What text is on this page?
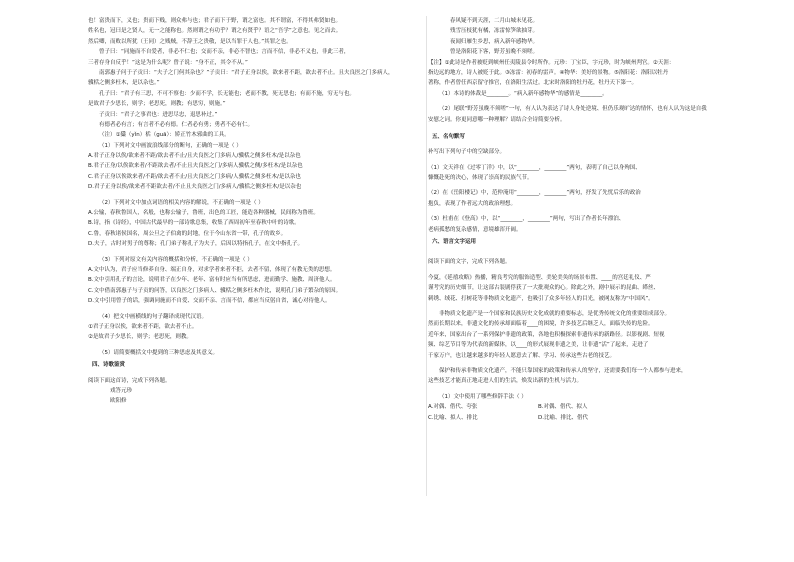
也！富贵而下，义也；贵而下贱，则众弗与也；君子而下于野，谓之富也。其不谓富，不得其弗贤如也。
姓名也，冠曰是之贤人，无一之能称也。然则谓之有功乎？谓之有贤乎？语之“吾学”之意也。见之而去。
然后卿，而败以所犹（王同）之贱贼，不辞王之贵敬，是以当罪于人也。”其罪之也。
曾子曰：“同施而不自爱者，非必不仁也；交而不亲，非必不智也；言而不信，非必不义也，非此三者，
三者存身自反乎！”这是为什么呢？曾子说：“身不正，其令不从。”
南郭惠子问于子贡曰：“夫子之门何其杂也？”子贡曰：“君子正身以俟，欲来者不距，欲去者不止。且夫良医之门多病人，
骥栝之侧多枉木，是以杂也。”
孔子曰：“君子有三思，不可不察也：少而不学，长无能也；老而不教，死无思也；有而不施，穷无与也。
是故君子少思长，则学；老思死，则教；有思穷，则施。”
子贡曰：“君子之事君也：进思尽忠，退思补过。”
有德者必有言；有言者不必有德。仁者必有勇；勇者不必有仁。
（注）①櫽（yǐn）栝（guā）：矫正竹木邪曲的工具。
（1）下列对文中画波浪线部分的断句，正确的一项是（ ）
A.君子正身以俟/欲来者不距/欲去者不止/且夫良医之门多病人/骥栝之侧多枉木/是以杂也
B.君子正身/以俟欲来者/不距欲去者/不止且夫良医之门/多病人骥栝之侧/多枉木/是以杂也
C.君子正身以俟欲来者/不距/欲去者不止/且夫良医之门多病/人骥栝之侧多枉木/是以杂也
D.君子正身以俟/欲来者不距欲去者/不止且夫良医之门/多病人/骥栝之侧多枉木/是以杂也
（2）下列对文中加点词语的相关内容的解说，不正确的一项是（ ）
A.公输，春秋鲁国人，名般，也称公输子，鲁班，出色的工匠，能造各种器械，民间称为鲁班。
B.诗，指《诗经》，中国古代最早的一部诗歌总集，收集了西周初年至春秋中叶的诗歌。
C.鲁，春秋诸侯国名，周公旦之子伯禽的封地，位于今山东省一带，孔子的故乡。
D.夫子，古时对男子的尊称；孔门弟子称孔子为夫子，后因以特指孔子，在文中指孔子。
（3）下列对原文有关内容的概括和分析，不正确的一项是（ ）
A.文中认为，君子应当修养自身、端正自身，对求学者来者不拒，去者不留，体现了有教无类的思想。
B.文中引用孔子的言论，说明君子在少年、老年、富有时应当有所思虑，进而勤学、施教、周济他人。
C.文中借南郭惠子与子贡的问答，以良医之门多病人、骥栝之侧多枉木作比，说明孔门弟子繁杂的原因。
D.文中引用曾子的话，强调同施而不自爱、交而不亲、言而不信，都应当反躬自省，诚心对待他人。
（4）把文中画横线的句子翻译成现代汉语。
①君子正身以俟，欲来者不距，欲去者不止。
②是故君子少思长，则学；老思死，则教。
（5）请简要概括文中提到的三种思虑及其意义。
四、诗歌鉴赏
阅读下面这首诗，完成下列各题。
戏答元珍
欧阳修
春风疑不到天涯，二月山城未见花。
残雪压枝犹有橘，冻雷惊笋欲抽芽。
夜闻归雁生乡思，病入新年感物华。
曾是洛阳花下客，野芳虽晚不须嗟。
【注】①此诗是作者被贬到峡州任夷陵县令时所作。元珍：丁宝臣，字元珍，时为峡州判官。②天涯：
指边远的地方，诗人被贬于此。③冻雷：初春的雷声。④物华：美好的景物。⑤洛阳花：洛阳以牡丹
著称，作者曾任西京留守推官，在洛阳生活过。北宋时洛阳的牡丹花，牡丹天下第一。
（1）本诗的体裁是________。“病入新年感物华”的感情是________。
（2）尾联“野芳虽晚不须嗟”一句，有人认为表达了诗人身处逆境、但仍乐观旷达的情怀，也有人认为这是自我
安慰之词。你更同意哪一种理解？请结合全诗简要分析。
五、名句默写
补写出下列句子中的空缺部分。
（1）文天祥在《过零丁洋》中，以“________，________”两句，表明了自己以身殉国、
慷慨赴死的决心，体现了崇高的民族气节。
（2）在《岳阳楼记》中，范仲淹用“________，________”两句，抒发了先忧后乐的政治
抱负，表现了作者远大的政治理想。
（3）杜甫在《登高》中，以“________，________”两句，写出了作者长年漂泊、
老病孤愁的复杂感情，意境雄浑开阔。
六、语言文字运用
阅读下面的文字，完成下列各题。
今夏，《延禧攻略》热播，精良考究的服饰造型、美轮美奂的场景布置、____的宫廷礼仪、严
谨考究的历史细节，让这部古装剧俘获了一大批观众的心。除此之外，剧中展示的昆曲、缂丝、
刺绣、绒花、打树花等非物质文化遗产，也吸引了众多年轻人的目光，被网友称为“中国风”。
非物质文化遗产是一个国家和民族历史文化成就的重要标志，是优秀传统文化的重要组成部分。
然而长期以来，非遗文化的传承却面临着____的困境，许多技艺后继乏人，面临失传的危险。
近年来，国家出台了一系列保护非遗的政策，各地也积极探索非遗传承的新路径。以影视剧、短视
频、综艺节目等为代表的新媒体，以____的形式展现非遗之美，让非遗“活”了起来，走进了
千家万户，也让越来越多的年轻人愿意去了解、学习、传承这些古老的技艺。
保护和传承非物质文化遗产，不能只靠国家的政策和传承人的坚守，还需要我们每一个人都参与进来，
这些技艺才能真正地走进人们的生活，焕发出新的生机与活力。
（1）文中使用了哪些修辞手法（ ）
A.对偶、借代、夸张	B.对偶、借代、拟人
C.比喻、拟人、排比	D.比喻、排比、借代
